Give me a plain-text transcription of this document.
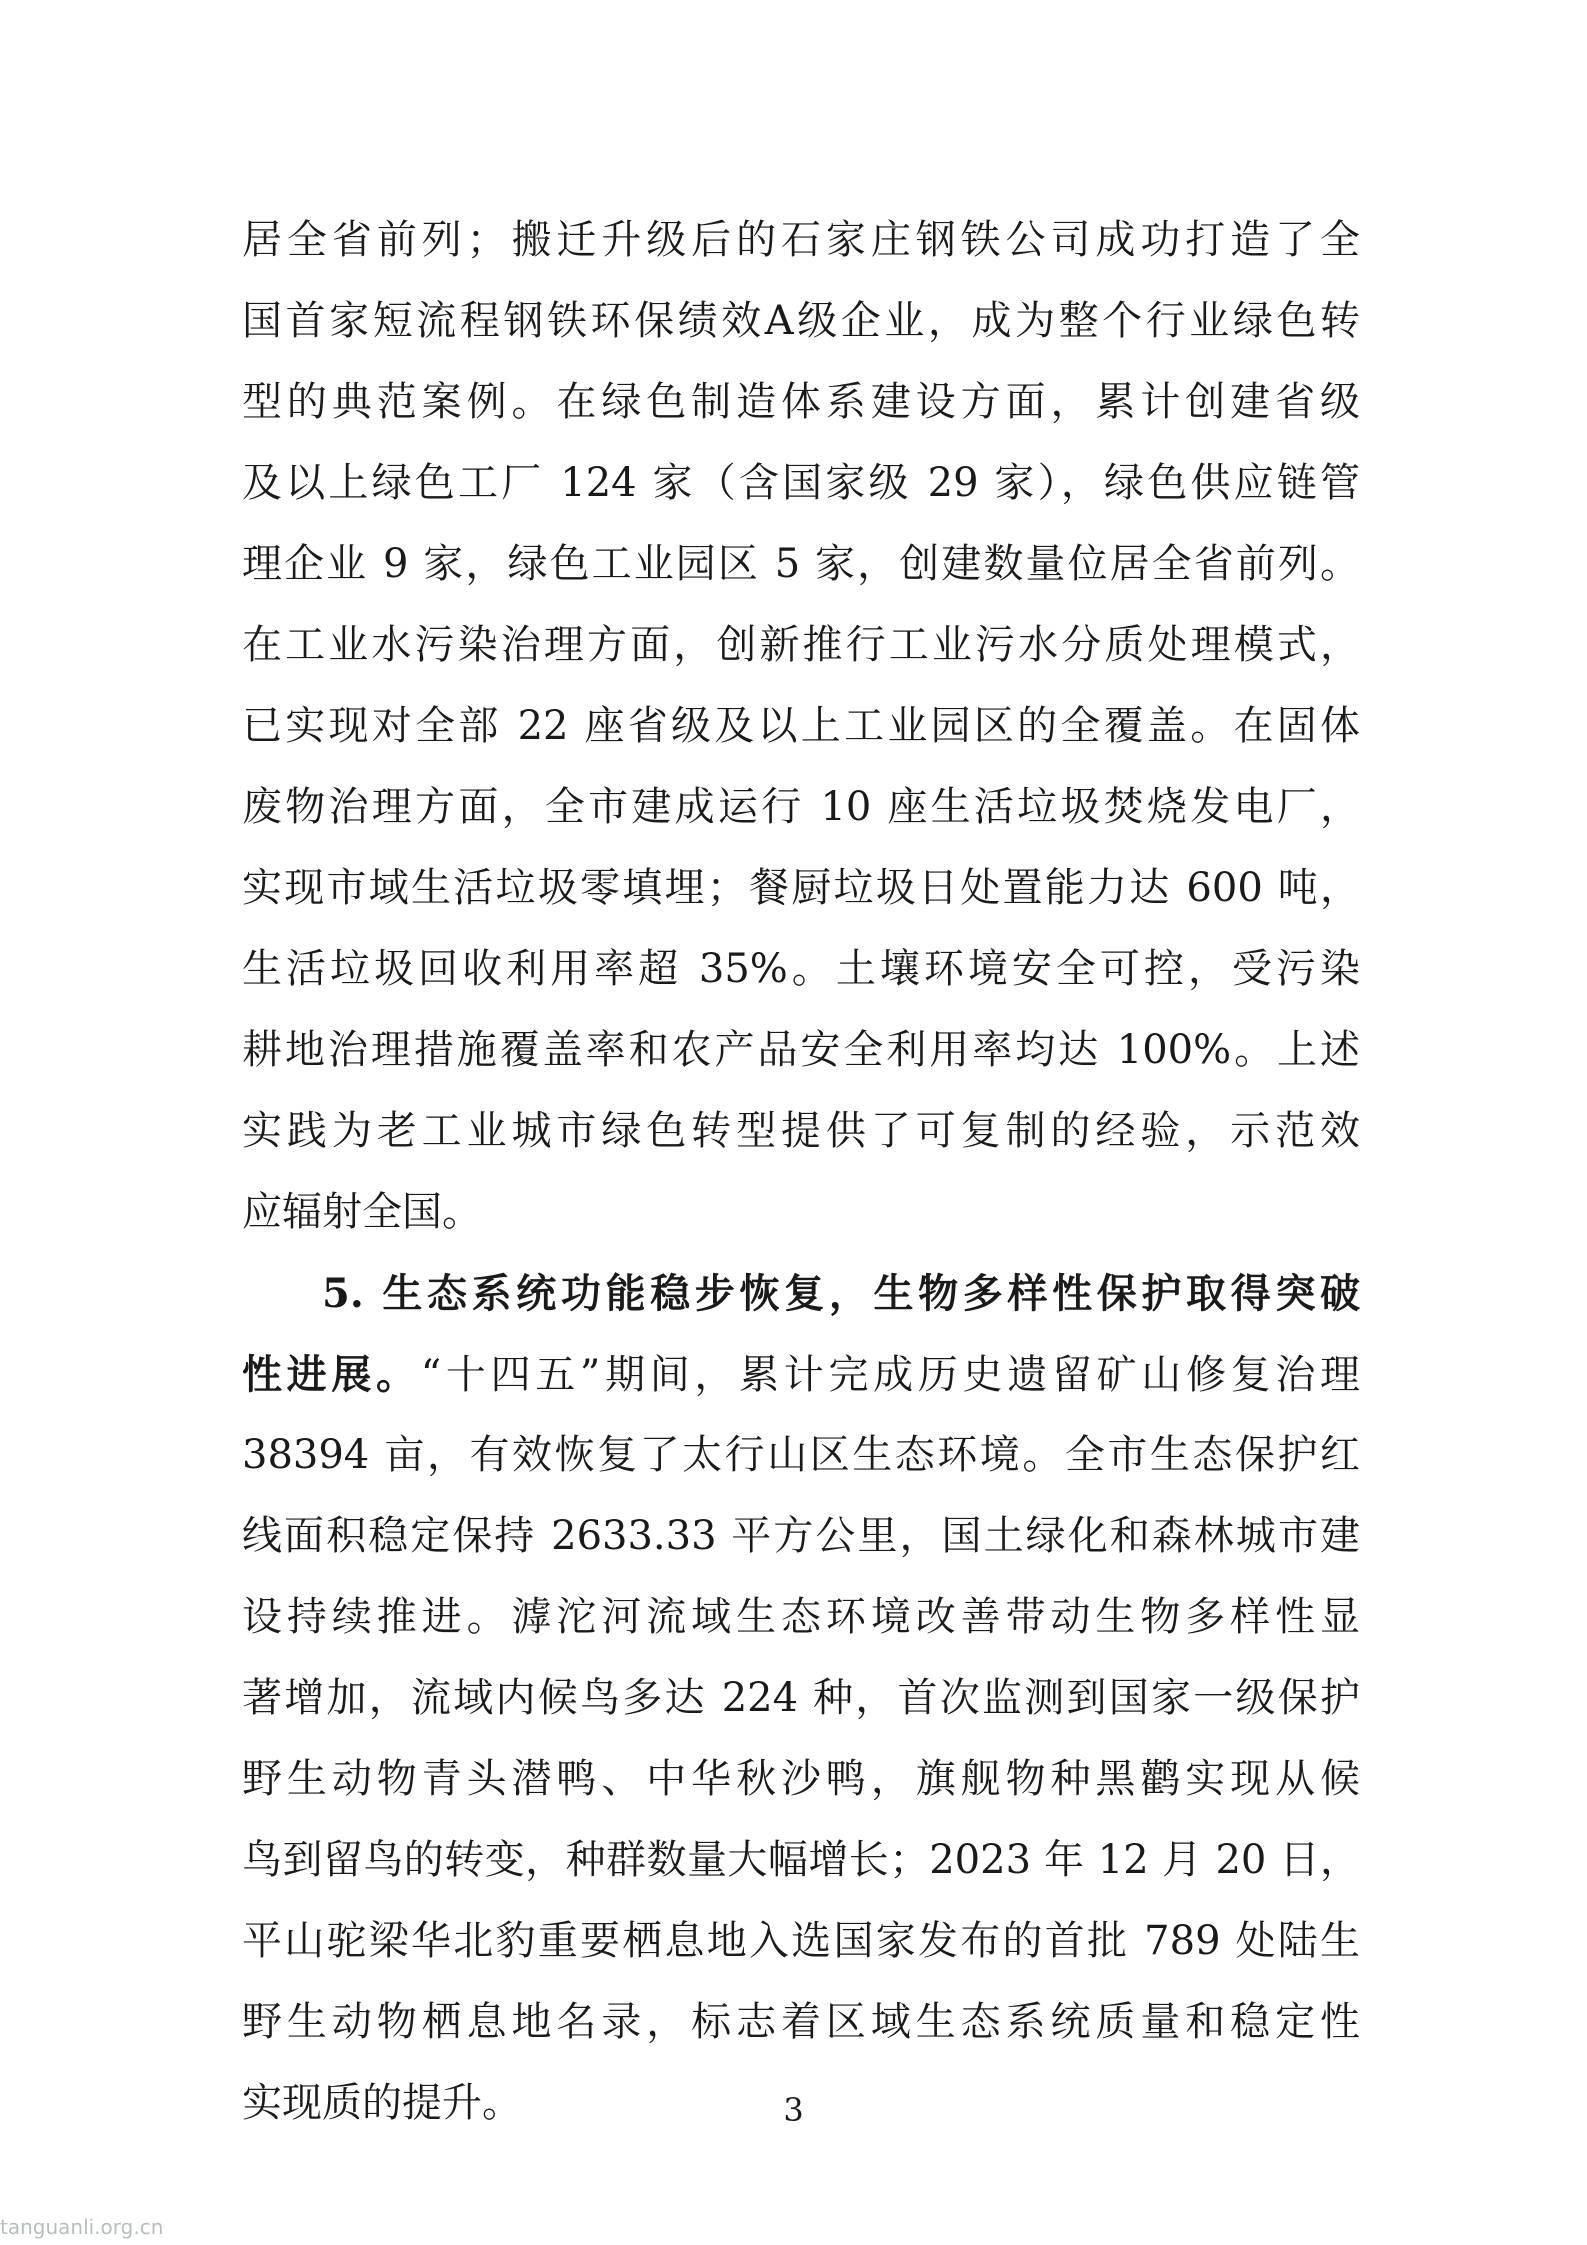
居全省前列；搬迁升级后的石家庄钢铁公司成功打造了全
国首家短流程钢铁环保绩效A级企业，成为整个行业绿色转
型的典范案例。在绿色制造体系建设方面，累计创建省级
及以上绿色工厂 124 家（含国家级 29 家），绿色供应链管
理企业 9 家，绿色工业园区 5 家，创建数量位居全省前列。
在工业水污染治理方面，创新推行工业污水分质处理模式，
已实现对全部 22 座省级及以上工业园区的全覆盖。在固体
废物治理方面，全市建成运行 10 座生活垃圾焚烧发电厂，
实现市域生活垃圾零填埋；餐厨垃圾日处置能力达 600 吨，
生活垃圾回收利用率超 35%。土壤环境安全可控，受污染
耕地治理措施覆盖率和农产品安全利用率均达 100%。上述
实践为老工业城市绿色转型提供了可复制的经验，示范效
应辐射全国。
5. 生态系统功能稳步恢复，生物多样性保护取得突破
性进展。“十四五”期间，累计完成历史遗留矿山修复治理
38394 亩，有效恢复了太行山区生态环境。全市生态保护红
线面积稳定保持 2633.33 平方公里，国土绿化和森林城市建
设持续推进。滹沱河流域生态环境改善带动生物多样性显
著增加，流域内候鸟多达 224 种，首次监测到国家一级保护
野生动物青头潜鸭、中华秋沙鸭，旗舰物种黑鹳实现从候
鸟到留鸟的转变，种群数量大幅增长；2023 年 12 月 20 日，
平山驼梁华北豹重要栖息地入选国家发布的首批 789 处陆生
野生动物栖息地名录，标志着区域生态系统质量和稳定性
实现质的提升。	3
tanguanli.org.cn
